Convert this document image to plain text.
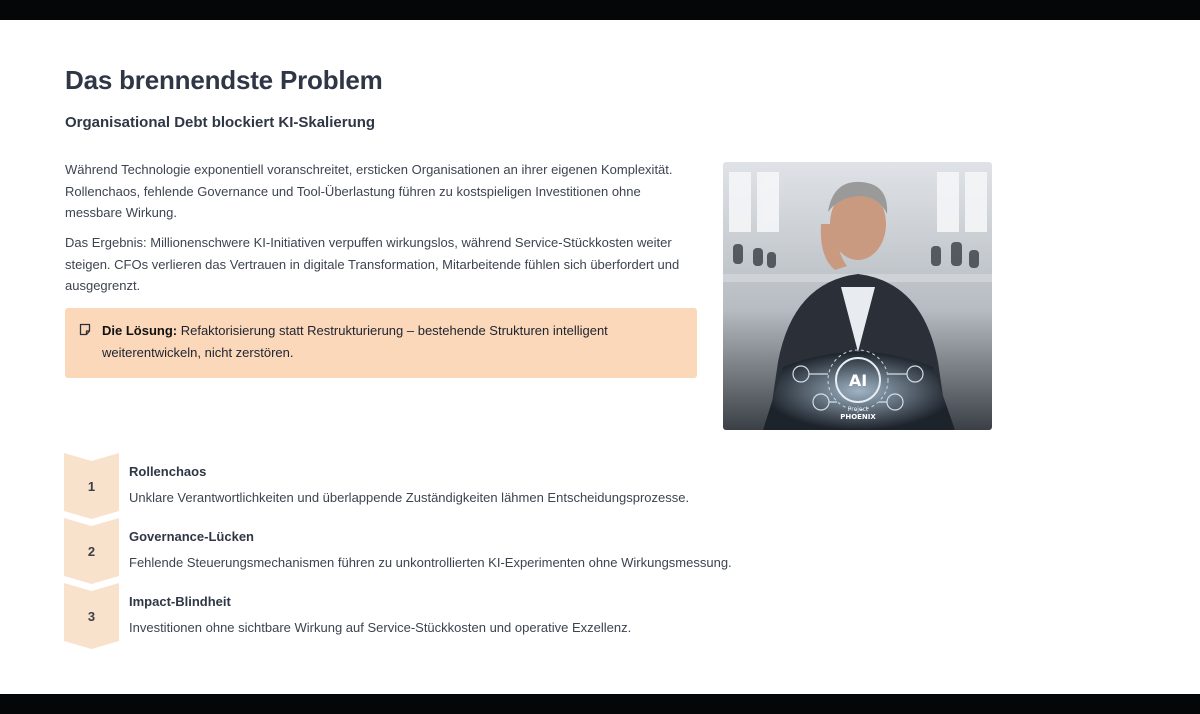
Das brennendste Problem
Organisational Debt blockiert KI-Skalierung

Während Technologie exponentiell voranschreitet, ersticken Organisationen an ihrer eigenen Komplexität. Rollenchaos, fehlende Governance und Tool-Überlastung führen zu kostspieligen Investitionen ohne messbare Wirkung.

Das Ergebnis: Millionenschwere KI-Initiativen verpuffen wirkungslos, während Service-Stückkosten weiter steigen. CFOs verlieren das Vertrauen in digitale Transformation, Mitarbeitende fühlen sich überfordert und ausgegrenzt.

Die Lösung: Refaktorisierung statt Restrukturierung – bestehende Strukturen intelligent weiterentwickeln, nicht zerstören.
AI
Project
PHOENIX
1
Rollenchaos
Unklare Verantwortlichkeiten und überlappende Zuständigkeiten lähmen Entscheidungsprozesse.
2
Governance-Lücken
Fehlende Steuerungsmechanismen führen zu unkontrollierten KI-Experimenten ohne Wirkungsmessung.
3
Impact-Blindheit
Investitionen ohne sichtbare Wirkung auf Service-Stückkosten und operative Exzellenz.
